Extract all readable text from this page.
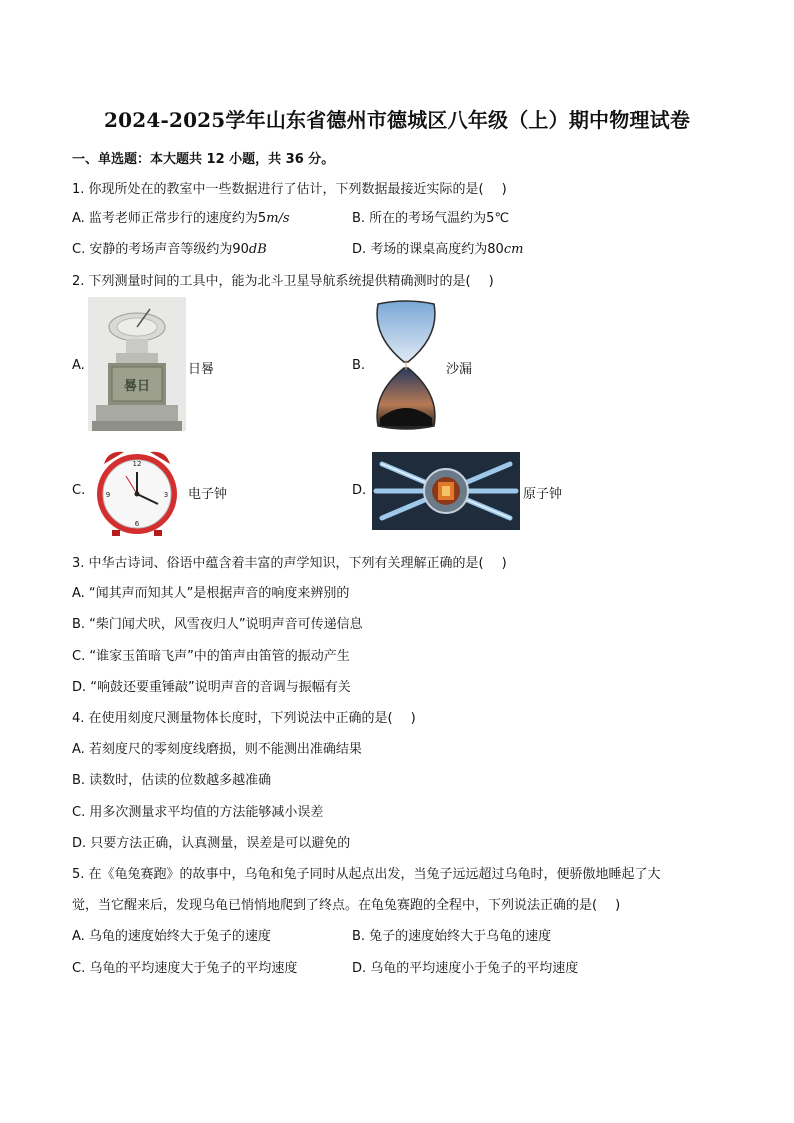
2024-2025学年山东省德州市德城区八年级（上）期中物理试卷
一、单选题：本大题共 12 小题，共 36 分。
1. 你现所处在的教室中一些数据进行了估计，下列数据最接近实际的是( )
A. 监考老师正常步行的速度约为5m/s	B. 所在的考场气温约为5℃
C. 安静的考场声音等级约为90dB	D. 考场的课桌高度约为80cm
2. 下列测量时间的工具中，能为北斗卫星导航系统提供精确测时的是( )
A.
晷日
日晷	B.	沙漏
C.
12
3
6
9	电子钟	D.	原子钟
3. 中华古诗词、俗语中蕴含着丰富的声学知识，下列有关理解正确的是( )
A. “闻其声而知其人”是根据声音的响度来辨别的
B. “柴门闻犬吠，风雪夜归人”说明声音可传递信息
C. “谁家玉笛暗飞声”中的笛声由笛管的振动产生
D. “响鼓还要重锤敲”说明声音的音调与振幅有关
4. 在使用刻度尺测量物体长度时，下列说法中正确的是( )
A. 若刻度尺的零刻度线磨损，则不能测出准确结果
B. 读数时，估读的位数越多越准确
C. 用多次测量求平均值的方法能够减小误差
D. 只要方法正确，认真测量，误差是可以避免的
5. 在《龟兔赛跑》的故事中，乌龟和兔子同时从起点出发，当兔子远远超过乌龟时，便骄傲地睡起了大
觉，当它醒来后，发现乌龟已悄悄地爬到了终点。在龟兔赛跑的全程中，下列说法正确的是( )
A. 乌龟的速度始终大于兔子的速度	B. 兔子的速度始终大于乌龟的速度
C. 乌龟的平均速度大于兔子的平均速度	D. 乌龟的平均速度小于兔子的平均速度
